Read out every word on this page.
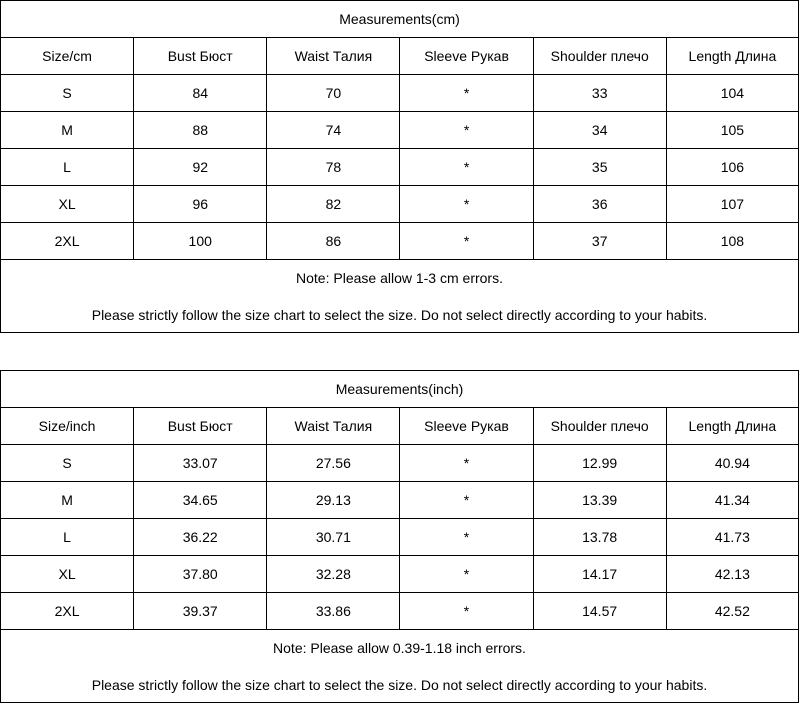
Measurements(cm)					
Size/cm	Bust Бюст	Waist Талия	Sleeve Рукав	Shoulder плечо	Length Длина
S	84	70	*	33	104
M	88	74	*	34	105
L	92	78	*	35	106
XL	96	82	*	36	107
2XL	100	86	*	37	108

Note: Please allow 1-3 cm errors.
Please strictly follow the size chart to select the size. Do not select directly according to your habits.					
Measurements(inch)					
Size/inch	Bust Бюст	Waist Талия	Sleeve Рукав	Shoulder плечо	Length Длина
S	33.07	27.56	*	12.99	40.94
M	34.65	29.13	*	13.39	41.34
L	36.22	30.71	*	13.78	41.73
XL	37.80	32.28	*	14.17	42.13
2XL	39.37	33.86	*	14.57	42.52

Note: Please allow 0.39-1.18 inch errors.
Please strictly follow the size chart to select the size. Do not select directly according to your habits.					
